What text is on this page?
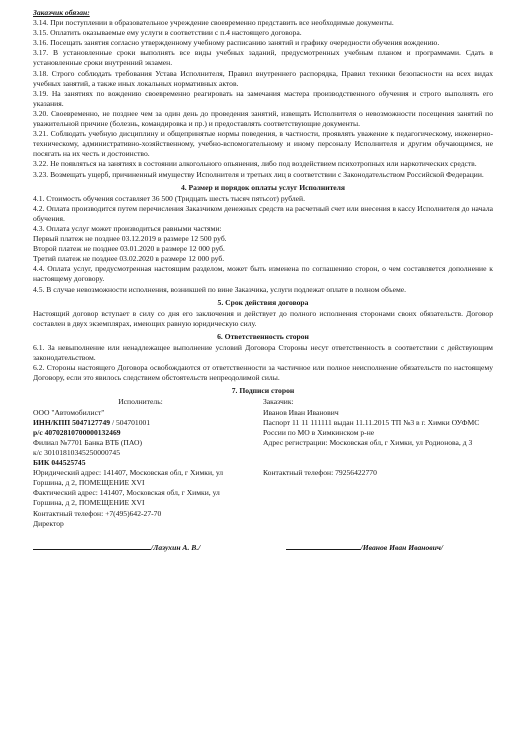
Заказчик обязан:
3.14. При поступлении в образовательное учреждение своевременно представить все необходимые документы.
3.15. Оплатить оказываемые ему услуги в соответствии с п.4 настоящего договора.
3.16. Посещать занятия согласно утвержденному учебному расписанию занятий и графику очередности обучения вождению.
3.17. В установленные сроки выполнять все виды учебных заданий, предусмотренных учебным планом и программами. Сдать в установленные сроки внутренний экзамен.
3.18. Строго соблюдать требования Устава Исполнителя, Правил внутреннего распорядка, Правил техники безопасности на всех видах учебных занятий, а также иных локальных нормативных актов.
3.19. На занятиях по вождению своевременно реагировать на замечания мастера производственного обучения и строго выполнять его указания.
3.20. Своевременно, не позднее чем за один день до проведения занятий, извещать Исполнителя о невозможности посещения занятий по уважительной причине (болезнь, командировка и пр.) и предоставлять соответствующие документы.
3.21. Соблюдать учебную дисциплину и общепринятые нормы поведения, в частности, проявлять уважение к педагогическому, инженерно-техническому, административно-хозяйственному, учебно-вспомогательному и иному персоналу Исполнителя и другим обучающимся, не посягать на их честь и достоинство.
3.22. Не появляться на занятиях в состоянии алкогольного опьянения, либо под воздействием психотропных или наркотических средств.
3.23. Возмещать ущерб, причиненный имуществу Исполнителя и третьих лиц в соответствии с Законодательством Российской Федерации.
4. Размер и порядок оплаты услуг Исполнителя
4.1. Стоимость обучения составляет 36 500 (Тридцать шесть тысяч пятьсот) рублей.
4.2. Оплата производится путем перечисления Заказчиком денежных средств на расчетный счет или внесения в кассу Исполнителя до начала обучения.
4.3. Оплата услуг может производиться равными частями:
Первый платеж не позднее 03.12.2019 в размере 12 500 руб.
Второй платеж не позднее 03.01.2020 в размере 12 000 руб.
Третий платеж не позднее 03.02.2020 в размере 12 000 руб.
4.4. Оплата услуг, предусмотренная настоящим разделом, может быть изменена по соглашению сторон, о чем составляется дополнение к настоящему договору.
4.5. В случае невозможности исполнения, возникшей по вине Заказчика, услуги подлежат оплате в полном объеме.
5. Срок действия договора
Настоящий договор вступает в силу со дня его заключения и действует до полного исполнения сторонами своих обязательств. Договор составлен в двух экземплярах, имеющих равную юридическую силу.
6. Ответственность сторон
6.1. За невыполнение или ненадлежащее выполнение условий Договора Стороны несут ответственность в соответствии с действующим законодательством.
6.2. Стороны настоящего Договора освобождаются от ответственности за частичное или полное неисполнение обязательств по настоящему Договору, если это явилось следствием обстоятельств непреодолимой силы.
7. Подписи сторон
Исполнитель:
ООО "Автомобилист"
ИНН/КПП 5047127749 / 504701001
р/с 40702810700000132469
Филиал №7701 Банка ВТБ (ПАО)
к/с 30101810345250000745
БИК 044525745
Юридический адрес: 141407, Московская обл, г Химки, ул Горшина, д 2, ПОМЕЩЕНИЕ XVI
Фактический адрес: 141407, Московская обл, г Химки, ул Горшина, д 2, ПОМЕЩЕНИЕ XVI
Контактный телефон: +7(495)642-27-70
Директор
Заказчик:
Иванов Иван Иванович
Паспорт 11 11 111111 выдан 11.11.2015 ТП №3 в г. Химки ОУФМС России по МО в Химкинском р-не
Адрес регистрации: Московская обл, г Химки, ул Родионова, д 3
Контактный телефон: 79256422770
/Лазухин А. В./	/Иванов Иван Иванович/
